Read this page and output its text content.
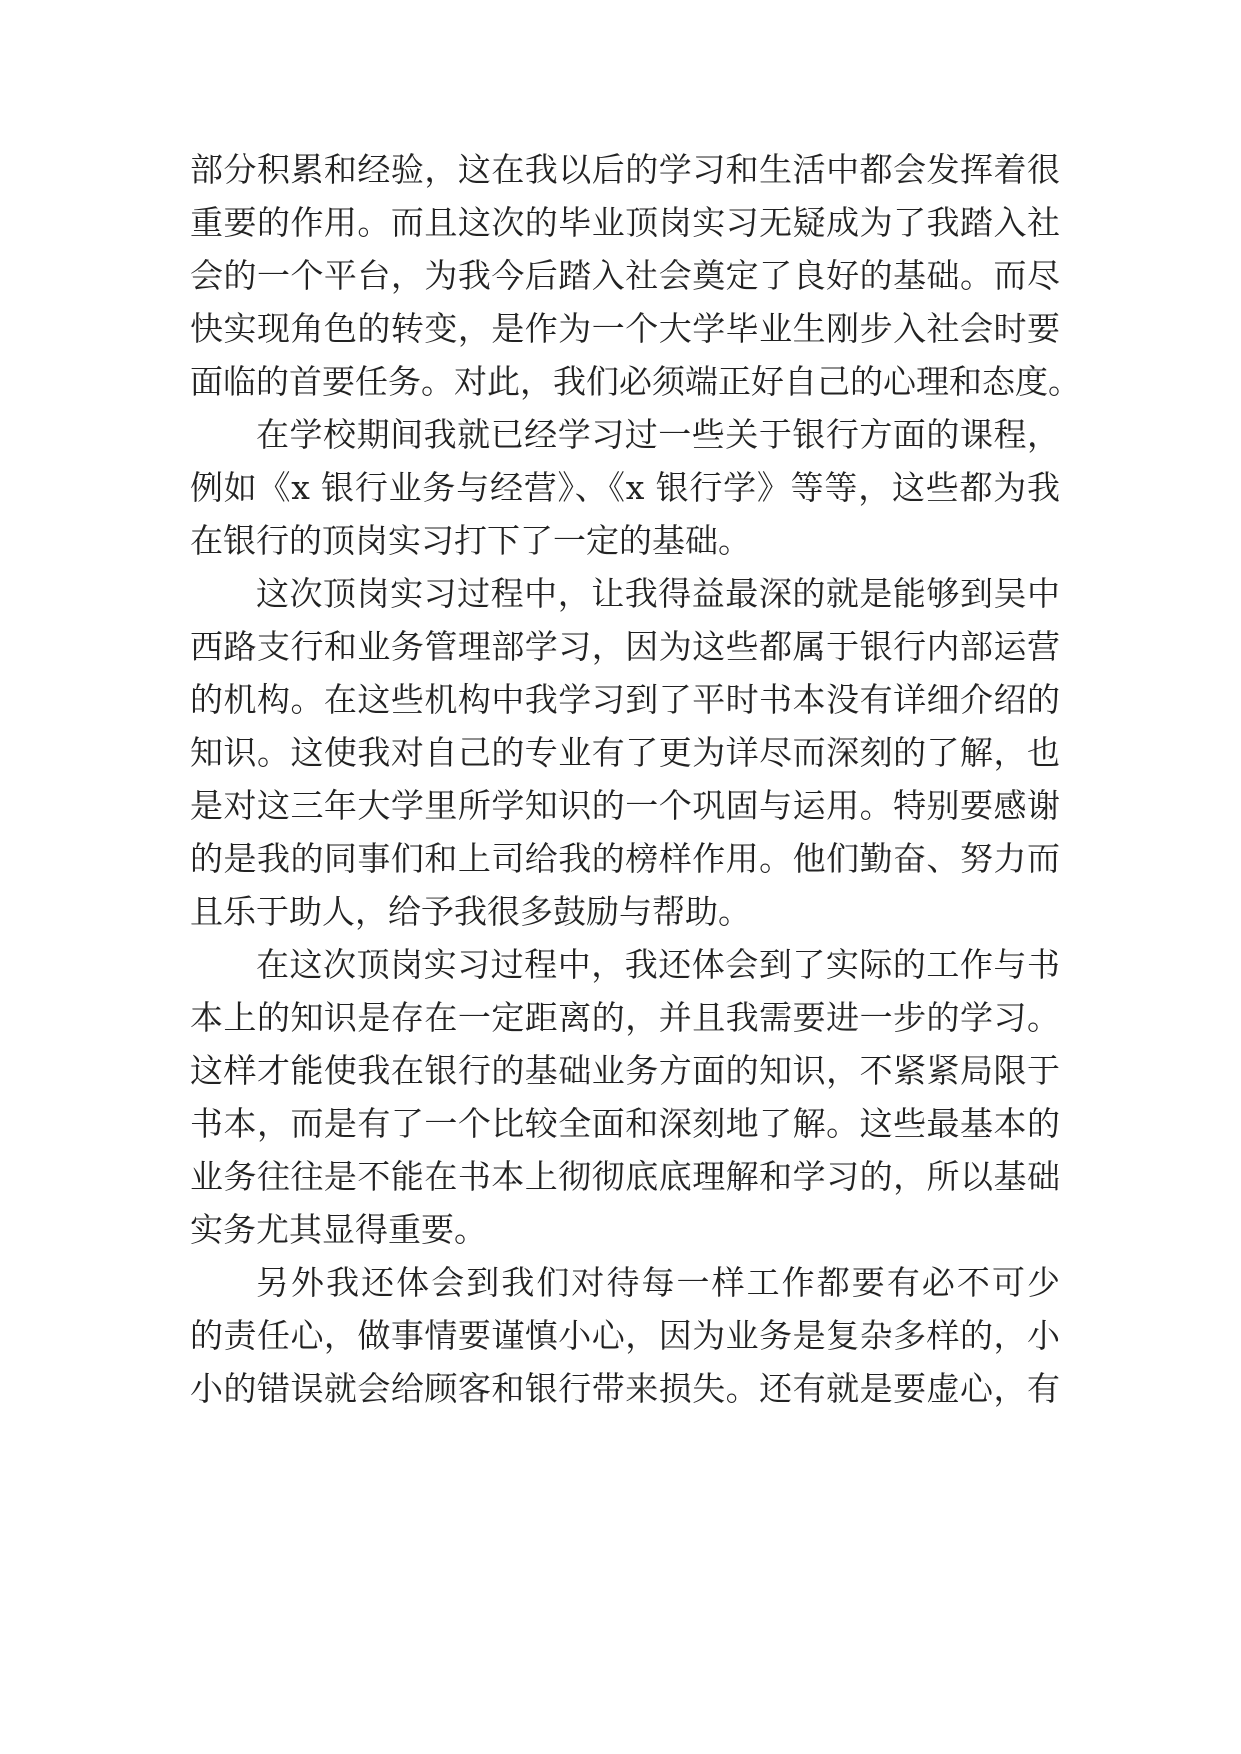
部分积累和经验，这在我以后的学习和生活中都会发挥着很

重要的作用。而且这次的毕业顶岗实习无疑成为了我踏入社

会的一个平台，为我今后踏入社会奠定了良好的基础。而尽

快实现角色的转变，是作为一个大学毕业生刚步入社会时要

面临的首要任务。对此，我们必须端正好自己的心理和态度。

在学校期间我就已经学习过一些关于银行方面的课程，

例如《x 银行业务与经营》、《x 银行学》等等，这些都为我

在银行的顶岗实习打下了一定的基础。

这次顶岗实习过程中，让我得益最深的就是能够到吴中

西路支行和业务管理部学习，因为这些都属于银行内部运营

的机构。在这些机构中我学习到了平时书本没有详细介绍的

知识。这使我对自己的专业有了更为详尽而深刻的了解，也

是对这三年大学里所学知识的一个巩固与运用。特别要感谢

的是我的同事们和上司给我的榜样作用。他们勤奋、努力而

且乐于助人，给予我很多鼓励与帮助。

在这次顶岗实习过程中，我还体会到了实际的工作与书

本上的知识是存在一定距离的，并且我需要进一步的学习。

这样才能使我在银行的基础业务方面的知识，不紧紧局限于

书本，而是有了一个比较全面和深刻地了解。这些最基本的

业务往往是不能在书本上彻彻底底理解和学习的，所以基础

实务尤其显得重要。

另外我还体会到我们对待每一样工作都要有必不可少

的责任心，做事情要谨慎小心，因为业务是复杂多样的，小

小的错误就会给顾客和银行带来损失。还有就是要虚心，有
